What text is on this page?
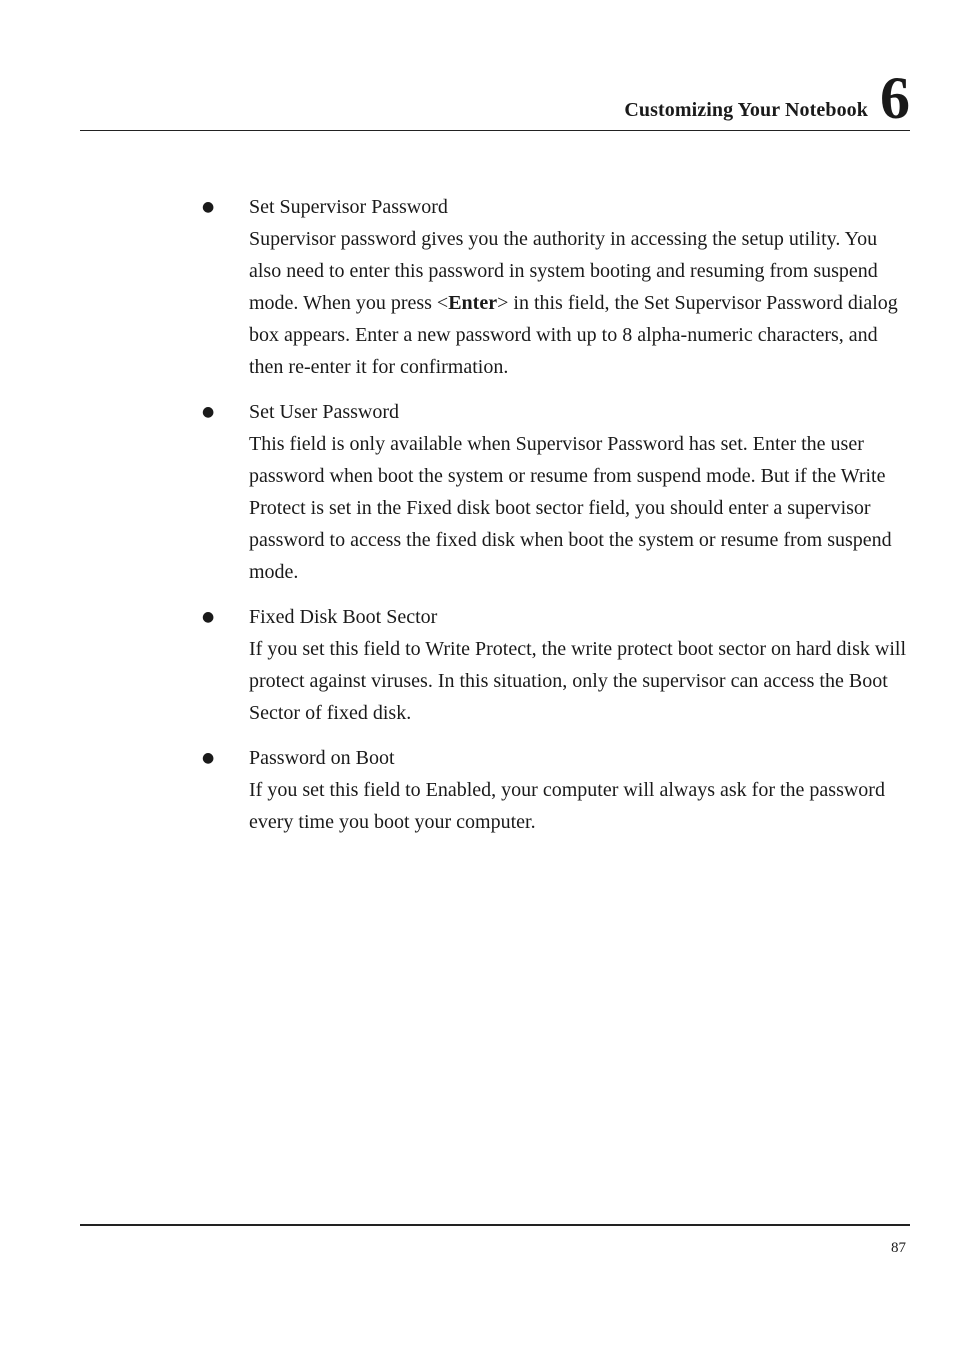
Customizing Your Notebook 6
● Set Supervisor Password
Supervisor password gives you the authority in accessing the setup utility. You also need to enter this password in system booting and resuming from suspend mode. When you press <Enter> in this field, the Set Supervisor Password dialog box appears. Enter a new password with up to 8 alpha-numeric characters, and then re-enter it for confirmation.
● Set User Password
This field is only available when Supervisor Password has set. Enter the user password when boot the system or resume from suspend mode. But if the Write Protect is set in the Fixed disk boot sector field, you should enter a supervisor password to access the fixed disk when boot the system or resume from suspend mode.
● Fixed Disk Boot Sector
If you set this field to Write Protect, the write protect boot sector on hard disk will protect against viruses. In this situation, only the supervisor can access the Boot Sector of fixed disk.
● Password on Boot
If you set this field to Enabled, your computer will always ask for the password every time you boot your computer.
87
